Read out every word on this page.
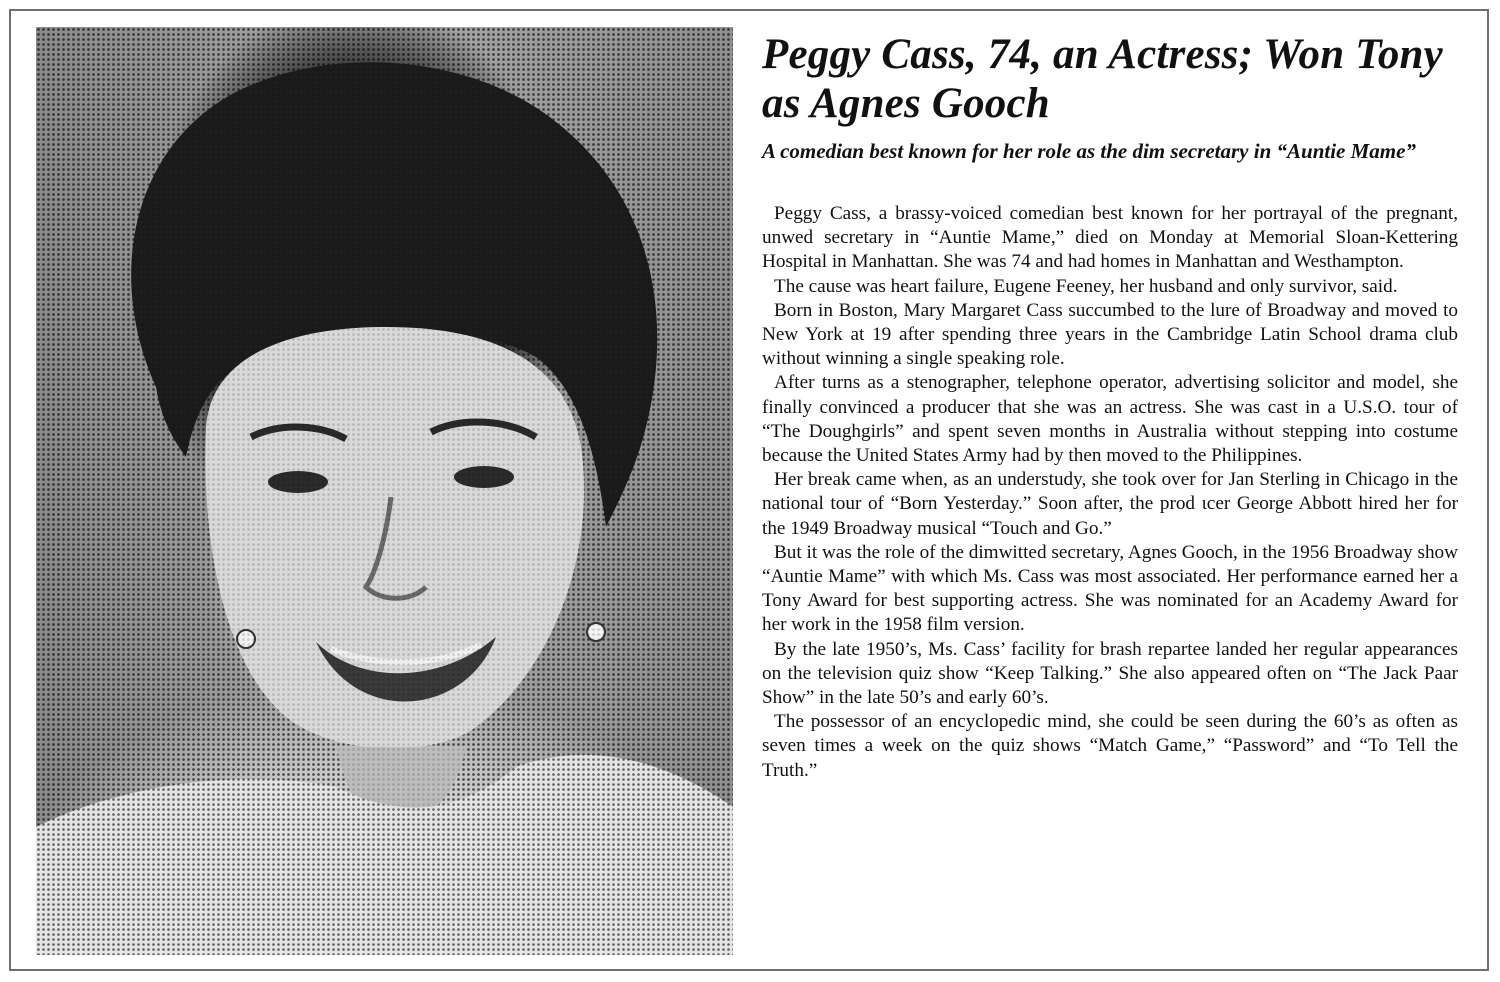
Peggy Cass, 74, an Actress; Won Tony as Agnes Gooch
A comedian best known for her role as the dim secretary in “Auntie Mame”

Peggy Cass, a brassy-voiced comedian best known for her portrayal of the pregnant, unwed secretary in “Auntie Mame,” died on Monday at Memorial Sloan-Kettering Hospital in Manhattan. She was 74 and had homes in Manhattan and Westhampton.

The cause was heart failure, Eugene Feeney, her husband and only survivor, said.

Born in Boston, Mary Margaret Cass succumbed to the lure of Broadway and moved to New York at 19 after spending three years in the Cambridge Latin School drama club without winning a single speaking role.

After turns as a stenographer, telephone operator, advertising solicitor and model, she finally convinced a producer that she was an actress. She was cast in a U.S.O. tour of “The Doughgirls” and spent seven months in Australia without stepping into costume because the United States Army had by then moved to the Philippines.

Her break came when, as an understudy, she took over for Jan Sterling in Chicago in the national tour of “Born Yesterday.” Soon after, the prod ιcer George Abbott hired her for the 1949 Broadway musical “Touch and Go.”

But it was the role of the dimwitted secretary, Agnes Gooch, in the 1956 Broadway show “Auntie Mame” with which Ms. Cass was most associated. Her performance earned her a Tony Award for best supporting actress. She was nominated for an Academy Award for her work in the 1958 film version.

By the late 1950’s, Ms. Cass’ facility for brash repartee landed her regular appearances on the television quiz show “Keep Talking.” She also appeared often on “The Jack Paar Show” in the late 50’s and early 60’s.

The possessor of an encyclopedic mind, she could be seen during the 60’s as often as seven times a week on the quiz shows “Match Game,” “Password” and “To Tell the Truth.”
